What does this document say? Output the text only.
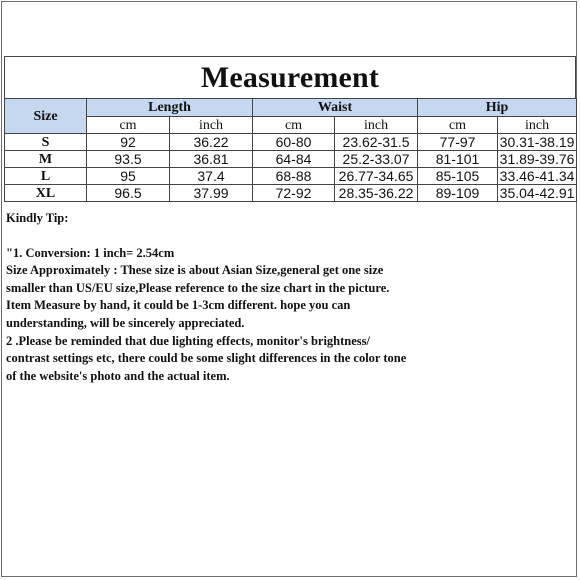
Measurement
Size	Length		Waist		Hip	
	cm	inch	cm	inch	cm	inch
S	92	36.22	60-80	23.62-31.5	77-97	30.31-38.19
M	93.5	36.81	64-84	25.2-33.07	81-101	31.89-39.76
L	95	37.4	68-88	26.77-34.65	85-105	33.46-41.34
XL	96.5	37.99	72-92	28.35-36.22	89-109	35.04-42.91
Kindly Tip:
"1. Conversion: 1 inch= 2.54cm
Size Approximately : These size is about Asian Size,general get one size
smaller than US/EU size,Please reference to the size chart in the picture.
Item Measure by hand, it could be 1-3cm different. hope you can
understanding, will be sincerely appreciated.
2 .Please be reminded that due lighting effects, monitor's brightness/
contrast settings etc, there could be some slight differences in the color tone
of the website's photo and the actual item.
